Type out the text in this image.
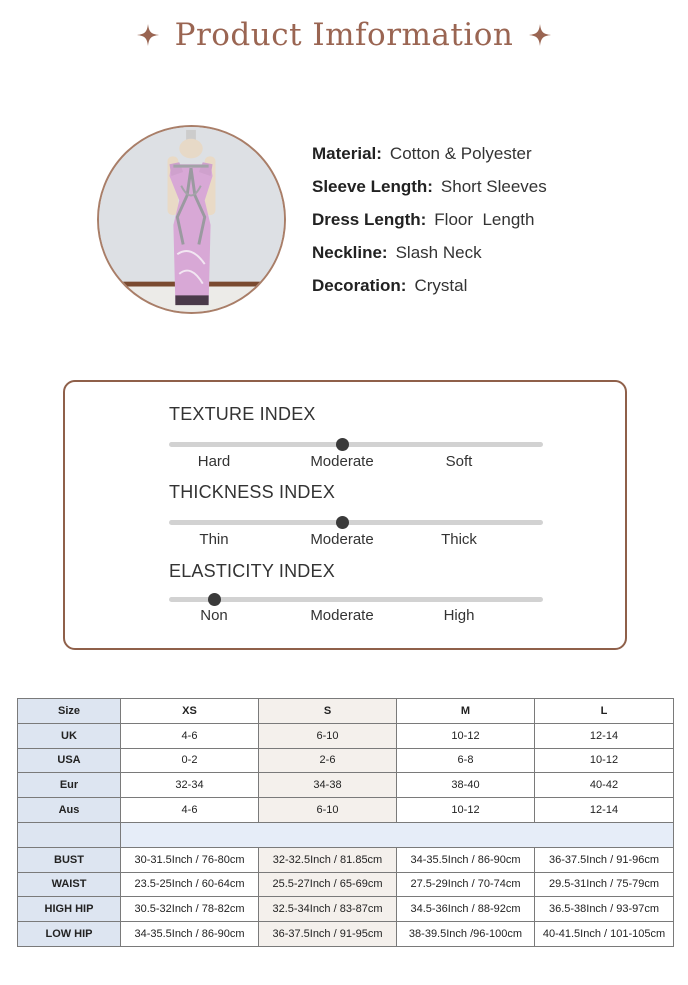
Product Imformation
Material: Cotton & Polyester
Sleeve Length: Short Sleeves
Dress Length: Floor  Length
Neckline: Slash Neck
Decoration: Crystal
TEXTURE INDEX
Hard	Moderate	Soft
THICKNESS INDEX
Thin	Moderate	Thick
ELASTICITY INDEX
Non	Moderate	High
Size	XS	S	M	L
UK	4-6	6-10	10-12	12-14
USA	0-2	2-6	6-8	10-12
Eur	32-34	34-38	38-40	40-42
Aus	4-6	6-10	10-12	12-14

BUST	30-31.5Inch / 76-80cm	32-32.5Inch / 81.85cm	34-35.5Inch / 86-90cm	36-37.5Inch / 91-96cm
WAIST	23.5-25Inch / 60-64cm	25.5-27Inch / 65-69cm	27.5-29Inch / 70-74cm	29.5-31Inch / 75-79cm
HIGH HIP	30.5-32Inch / 78-82cm	32.5-34Inch / 83-87cm	34.5-36Inch / 88-92cm	36.5-38Inch / 93-97cm
LOW HIP	34-35.5Inch / 86-90cm	36-37.5Inch / 91-95cm	38-39.5Inch /96-100cm	40-41.5Inch / 101-105cm
